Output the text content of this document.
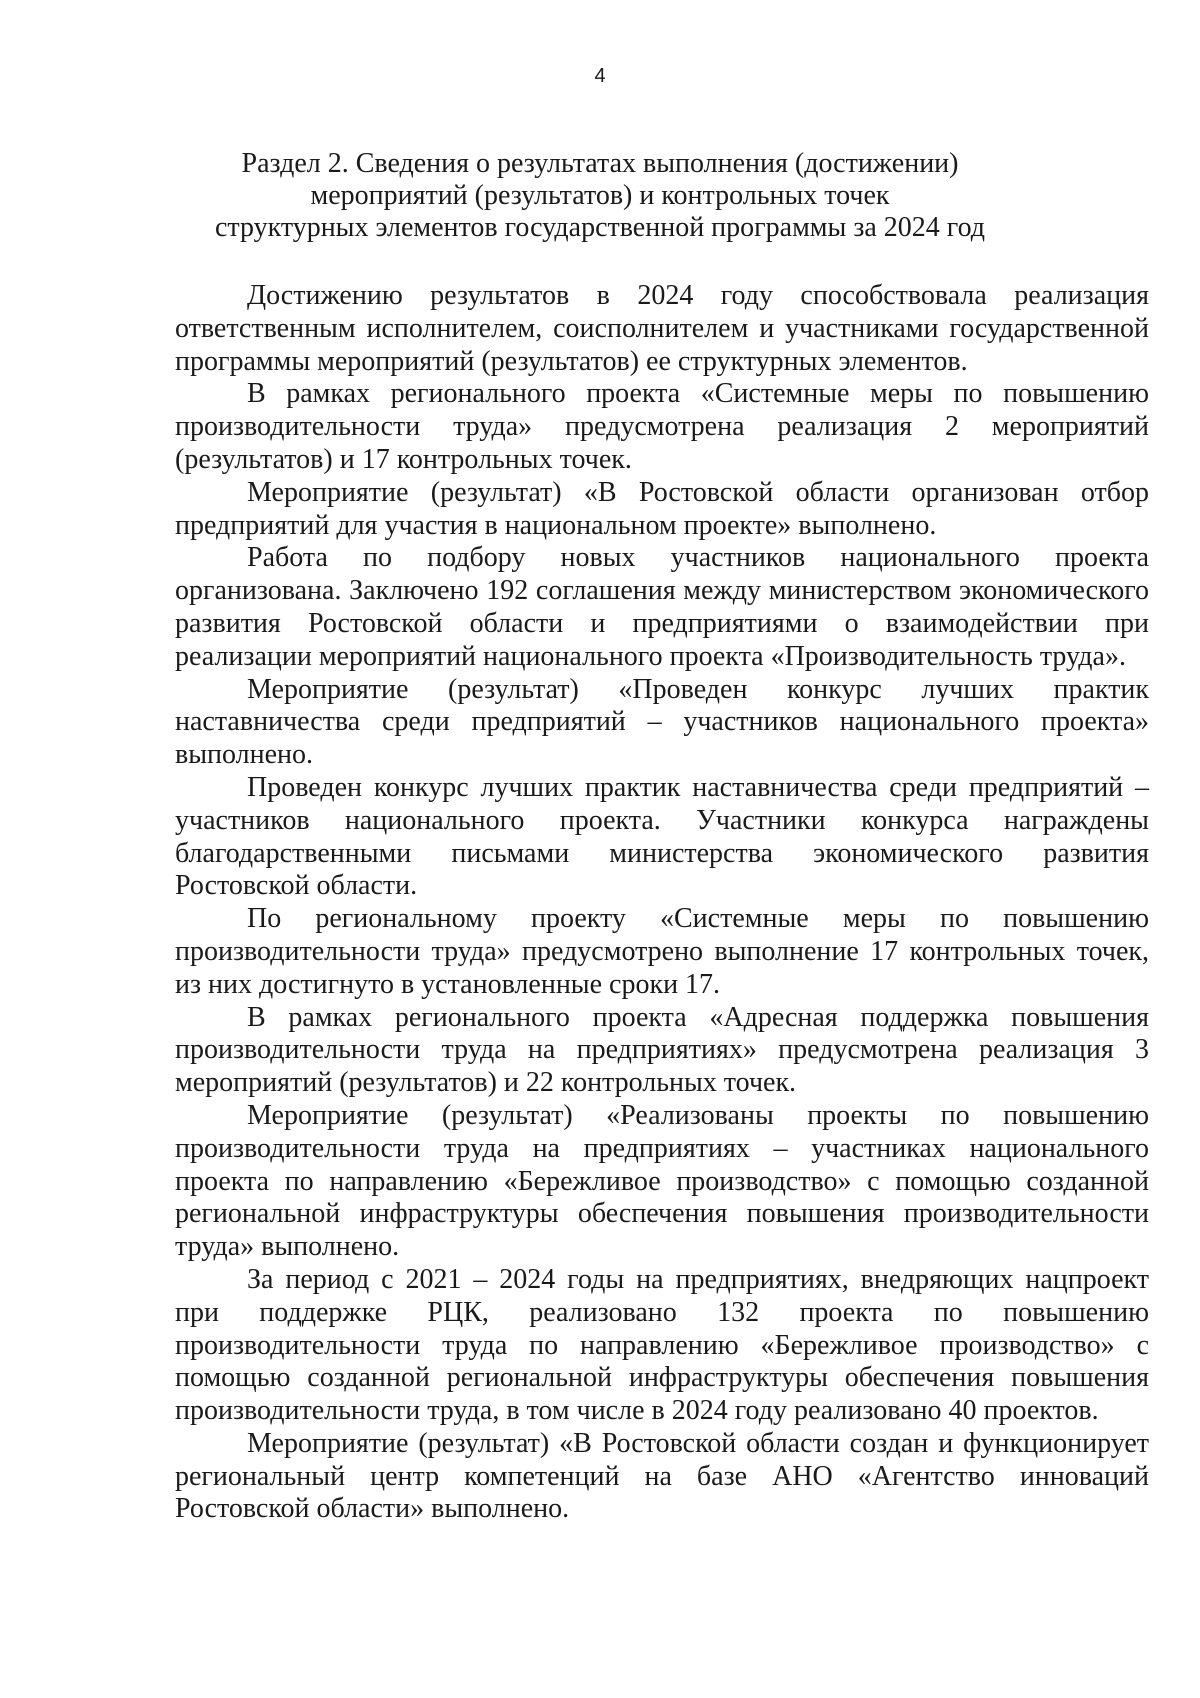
4
Раздел 2. Сведения о результатах выполнения (достижении)
мероприятий (результатов) и контрольных точек
структурных элементов государственной программы за 2024 год

Достижению результатов в 2024 году способствовала реализация ответственным исполнителем, соисполнителем и участниками государственной программы мероприятий (результатов) ее структурных элементов.

В рамках регионального проекта «Системные меры по повышению производительности труда» предусмотрена реализация 2 мероприятий (результатов) и 17 контрольных точек.

Мероприятие (результат) «В Ростовской области организован отбор предприятий для участия в национальном проекте» выполнено.

Работа по подбору новых участников национального проекта организована. Заключено 192 соглашения между министерством экономического развития Ростовской области и предприятиями о взаимодействии при реализации мероприятий национального проекта «Производительность труда».

Мероприятие (результат) «Проведен конкурс лучших практик наставничества среди предприятий – участников национального проекта» выполнено.

Проведен конкурс лучших практик наставничества среди предприятий – участников национального проекта. Участники конкурса награждены благодарственными письмами министерства экономического развития Ростовской области.

По региональному проекту «Системные меры по повышению производительности труда» предусмотрено выполнение 17 контрольных точек, из них достигнуто в установленные сроки 17.

В рамках регионального проекта «Адресная поддержка повышения производительности труда на предприятиях» предусмотрена реализация 3 мероприятий (результатов) и 22 контрольных точек.

Мероприятие (результат) «Реализованы проекты по повышению производительности труда на предприятиях – участниках национального проекта по направлению «Бережливое производство» с помощью созданной региональной инфраструктуры обеспечения повышения производительности труда» выполнено.

За период с 2021 – 2024 годы на предприятиях, внедряющих нацпроект при поддержке РЦК, реализовано 132 проекта по повышению производительности труда по направлению «Бережливое производство» с помощью созданной региональной инфраструктуры обеспечения повышения производительности труда, в том числе в 2024 году реализовано 40 проектов.

Мероприятие (результат) «В Ростовской области создан и функционирует региональный центр компетенций на базе АНО «Агентство инноваций Ростовской области» выполнено.
